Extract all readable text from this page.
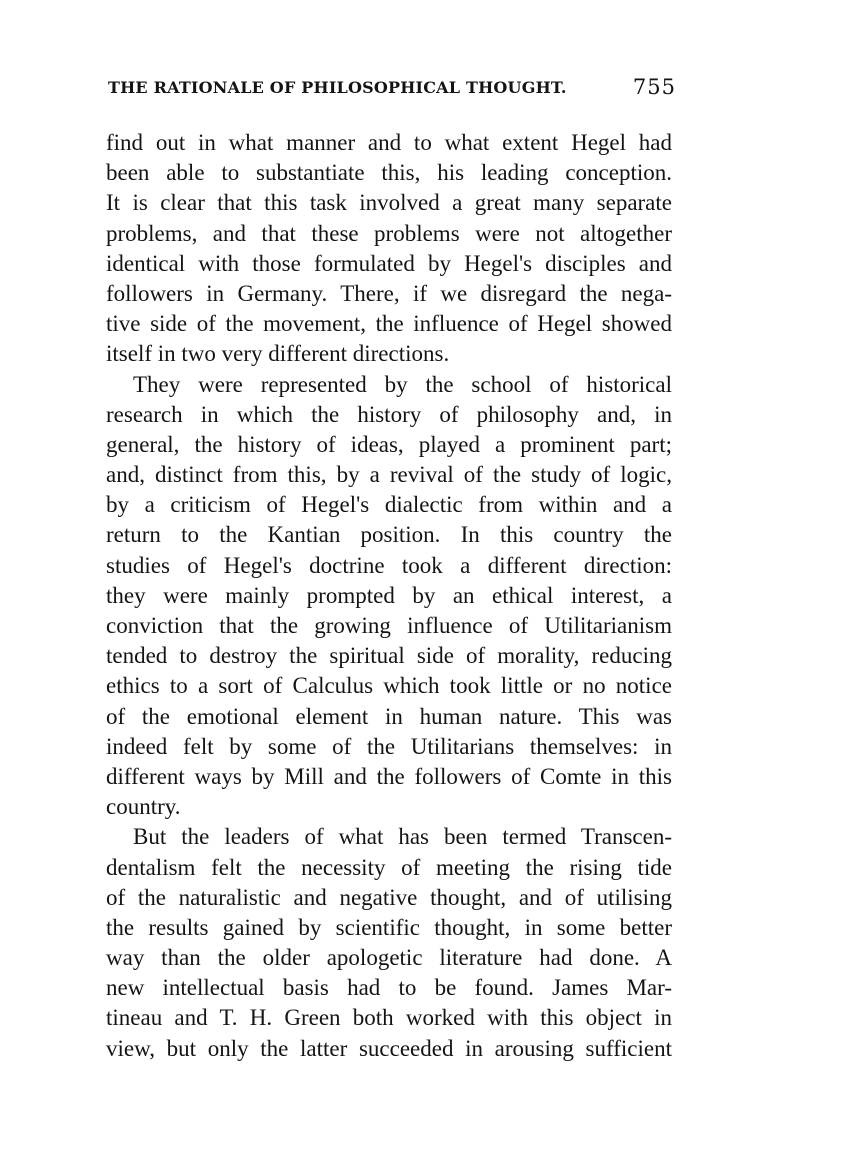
THE RATIONALE OF PHILOSOPHICAL THOUGHT.	755
find out in what manner and to what extent Hegel had
been able to substantiate this, his leading conception.
It is clear that this task involved a great many separate
problems, and that these problems were not altogether
identical with those formulated by Hegel's disciples and
followers in Germany. There, if we disregard the nega-
tive side of the movement, the influence of Hegel showed
itself in two very different directions.
They were represented by the school of historical
research in which the history of philosophy and, in
general, the history of ideas, played a prominent part;
and, distinct from this, by a revival of the study of logic,
by a criticism of Hegel's dialectic from within and a
return to the Kantian position. In this country the
studies of Hegel's doctrine took a different direction:
they were mainly prompted by an ethical interest, a
conviction that the growing influence of Utilitarianism
tended to destroy the spiritual side of morality, reducing
ethics to a sort of Calculus which took little or no notice
of the emotional element in human nature. This was
indeed felt by some of the Utilitarians themselves: in
different ways by Mill and the followers of Comte in this
country.
But the leaders of what has been termed Transcen-
dentalism felt the necessity of meeting the rising tide
of the naturalistic and negative thought, and of utilising
the results gained by scientific thought, in some better
way than the older apologetic literature had done. A
new intellectual basis had to be found. James Mar-
tineau and T. H. Green both worked with this object in
view, but only the latter succeeded in arousing sufficient
